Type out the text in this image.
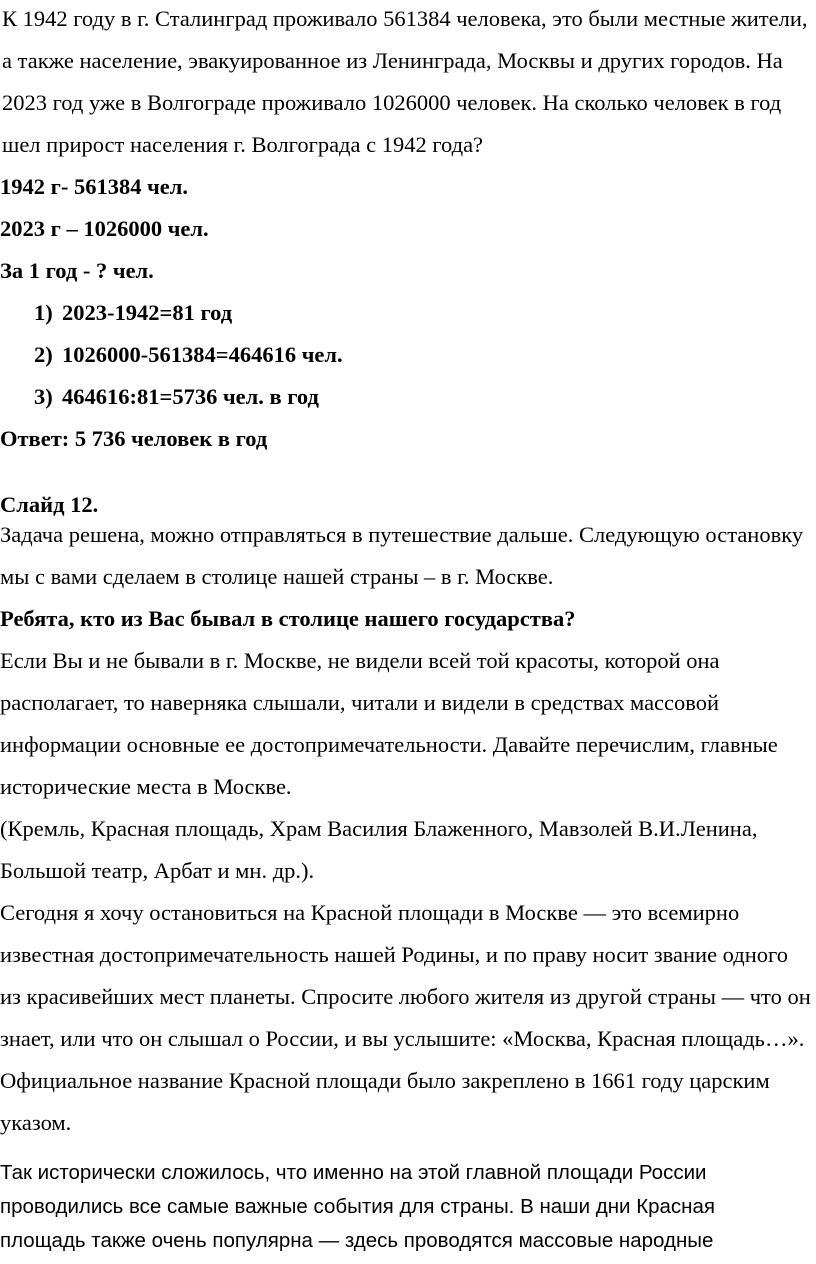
К 1942 году в г. Сталинград проживало 561384 человека, это были местные жители, а также население, эвакуированное из Ленинграда, Москвы и других городов. На 2023 год уже в Волгограде проживало 1026000 человек. На сколько человек в год шел прирост населения г. Волгограда с 1942 года?

1942 г- 561384 чел.

2023 г – 1026000 чел.

За 1 год - ? чел.

1) 2023-1942=81 год
2) 1026000-561384=464616 чел.
3) 464616:81=5736 чел. в год

Ответ: 5 736 человек в год

Слайд 12.

Задача решена, можно отправляться в путешествие дальше. Следующую остановку мы с вами сделаем в столице нашей страны – в г. Москве.

Ребята, кто из Вас бывал в столице нашего государства?

Если Вы и не бывали в г. Москве, не видели всей той красоты, которой она располагает, то наверняка слышали, читали и видели в средствах массовой информации основные ее достопримечательности. Давайте перечислим, главные исторические места в Москве.

(Кремль, Красная площадь, Храм Василия Блаженного, Мавзолей В.И.Ленина, Большой театр, Арбат и мн. др.).

Сегодня я хочу остановиться на Красной площади в Москве — это всемирно известная достопримечательность нашей Родины, и по праву носит звание одного из красивейших мест планеты. Спросите любого жителя из другой страны — что он знает, или что он слышал о России, и вы услышите: «Москва, Красная площадь…». Официальное название Красной площади было закреплено в 1661 году царским указом.

Так исторически сложилось, что именно на этой главной площади России проводились все самые важные события для страны. В наши дни Красная площадь также очень популярна — здесь проводятся массовые народные
